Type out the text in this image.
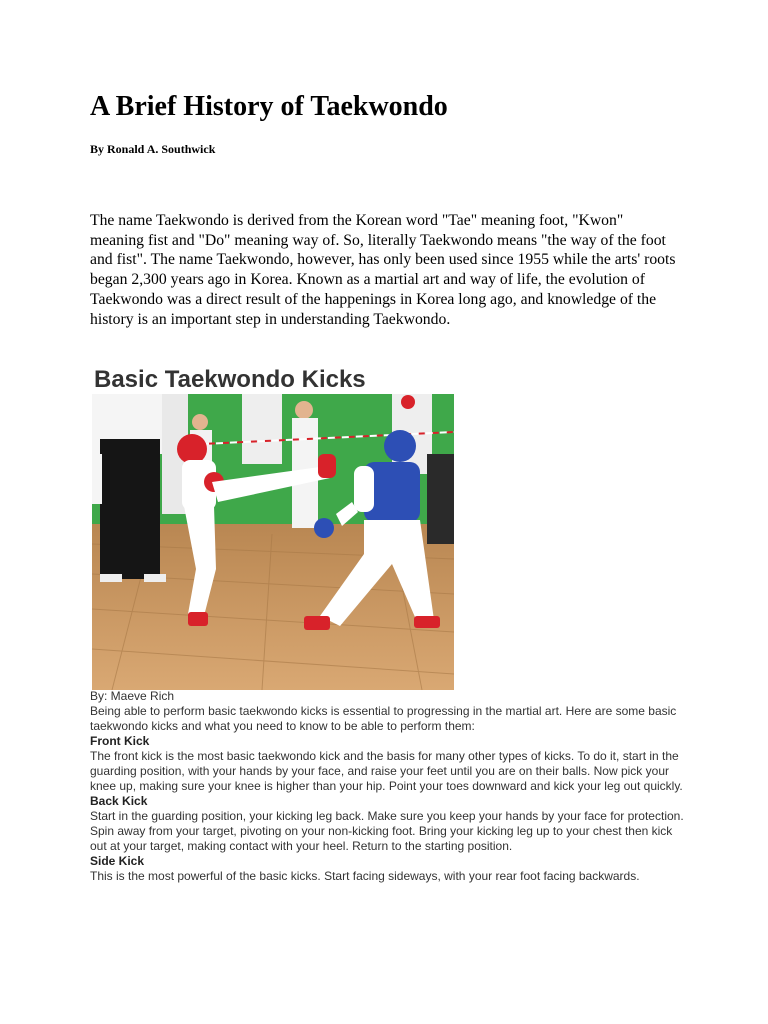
A Brief History of Taekwondo

By Ronald A. Southwick

The name Taekwondo is derived from the Korean word "Tae" meaning foot, "Kwon" meaning fist and "Do" meaning way of. So, literally Taekwondo means "the way of the foot and fist". The name Taekwondo, however, has only been used since 1955 while the arts' roots began 2,300 years ago in Korea. Known as a martial art and way of life, the evolution of Taekwondo was a direct result of the happenings in Korea long ago, and knowledge of the history is an important step in understanding Taekwondo.

Basic Taekwondo Kicks

By: Maeve Rich

Being able to perform basic taekwondo kicks is essential to progressing in the martial art. Here are some basic taekwondo kicks and what you need to know to be able to perform them:

Front Kick

The front kick is the most basic taekwondo kick and the basis for many other types of kicks. To do it, start in the guarding position, with your hands by your face, and raise your feet until you are on their balls. Now pick your knee up, making sure your knee is higher than your hip. Point your toes downward and kick your leg out quickly.

Back Kick

Start in the guarding position, your kicking leg back. Make sure you keep your hands by your face for protection. Spin away from your target, pivoting on your non-kicking foot. Bring your kicking leg up to your chest then kick out at your target, making contact with your heel. Return to the starting position.

Side Kick

This is the most powerful of the basic kicks. Start facing sideways, with your rear foot facing backwards.
